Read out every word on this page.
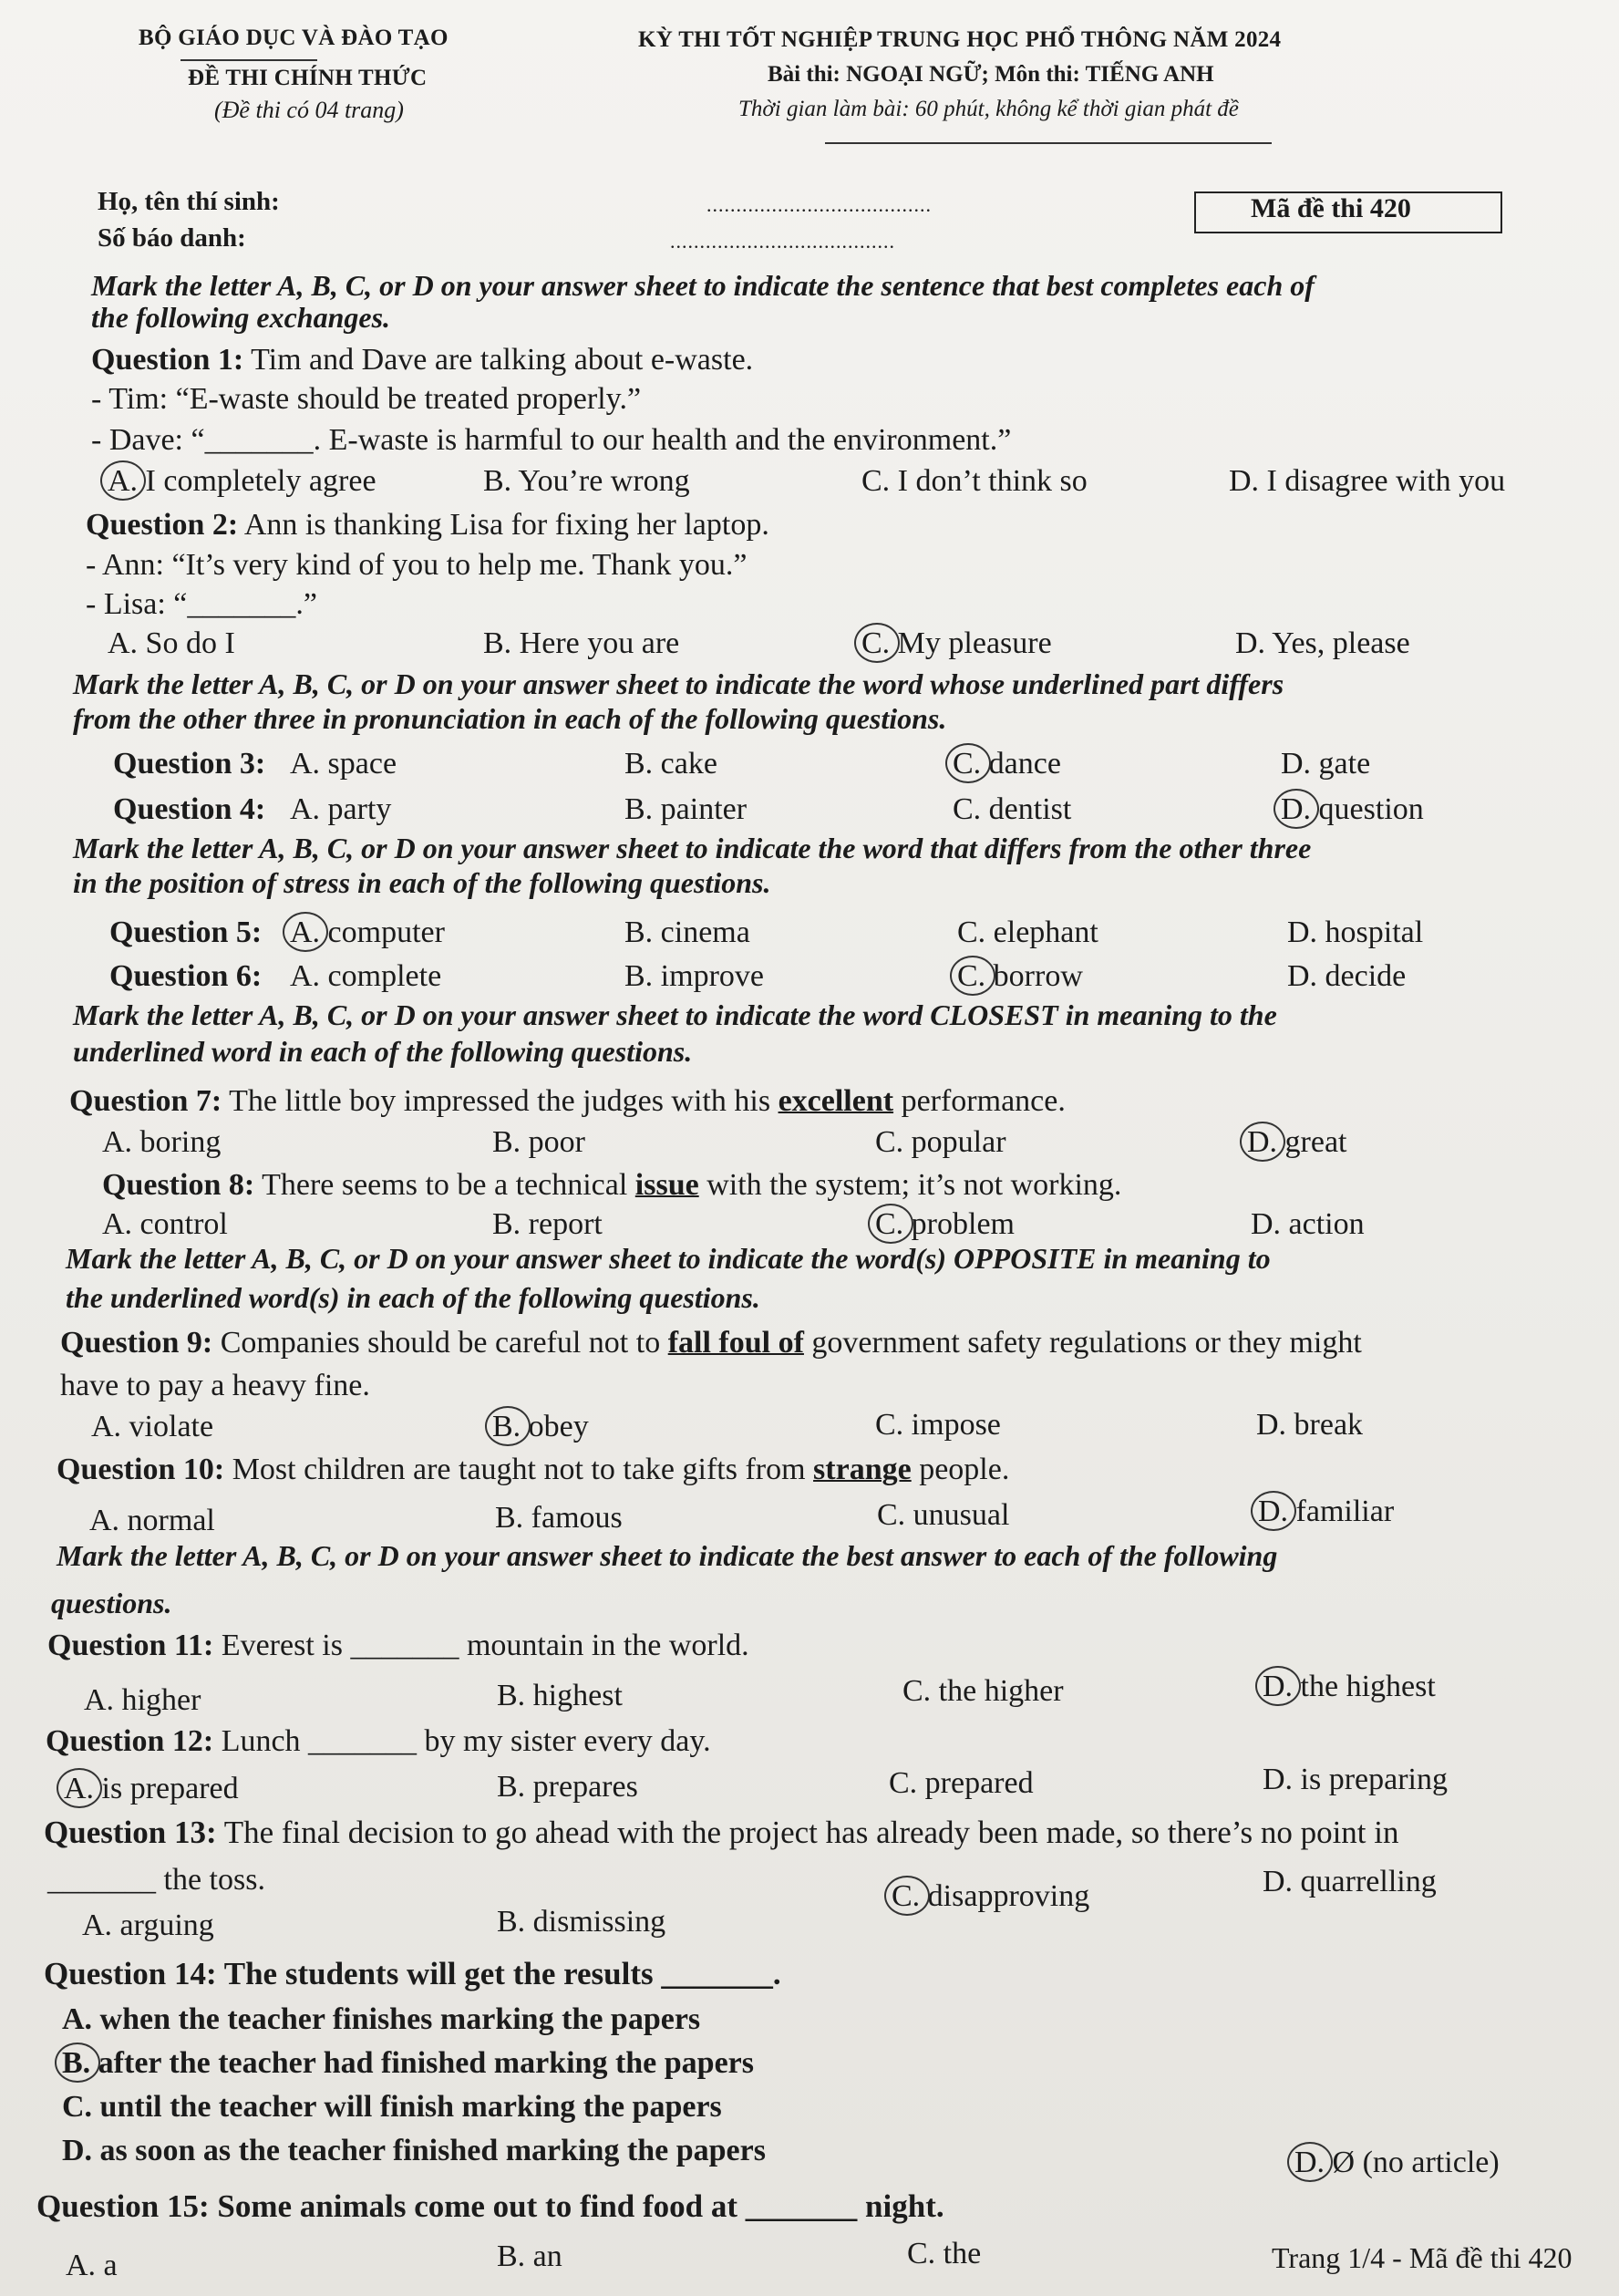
BỘ GIÁO DỤC VÀ ĐÀO TẠO
ĐỀ THI CHÍNH THỨC
(Đề thi có 04 trang)
KỲ THI TỐT NGHIỆP TRUNG HỌC PHỔ THÔNG NĂM 2024
Bài thi: NGOẠI NGỮ; Môn thi: TIẾNG ANH
Thời gian làm bài: 60 phút, không kể thời gian phát đề
Họ, tên thí sinh:	......................................
Số báo danh:	......................................
Mã đề thi 420
Mark the letter A, B, C, or D on your answer sheet to indicate the sentence that best completes each of
the following exchanges.
Question 1: Tim and Dave are talking about e-waste.
- Tim: “E-waste should be treated properly.”
- Dave: “_______. E-waste is harmful to our health and the environment.”
A. I completely agree	B. You’re wrong	C. I don’t think so	D. I disagree with you
Question 2: Ann is thanking Lisa for fixing her laptop.
- Ann: “It’s very kind of you to help me. Thank you.”
- Lisa: “_______.”
A. So do I	B. Here you are	C. My pleasure	D. Yes, please
Mark the letter A, B, C, or D on your answer sheet to indicate the word whose underlined part differs
from the other three in pronunciation in each of the following questions.
Question 3: A. space	B. cake	C. dance	D. gate
Question 4: A. party	B. painter	C. dentist	D. question
Mark the letter A, B, C, or D on your answer sheet to indicate the word that differs from the other three
in the position of stress in each of the following questions.
Question 5: A. computer	B. cinema	C. elephant	D. hospital
Question 6: A. complete	B. improve	C. borrow	D. decide
Mark the letter A, B, C, or D on your answer sheet to indicate the word CLOSEST in meaning to the
underlined word in each of the following questions.
Question 7: The little boy impressed the judges with his excellent performance.
A. boring	B. poor	C. popular	D. great
Question 8: There seems to be a technical issue with the system; it’s not working.
A. control	B. report	C. problem	D. action
Mark the letter A, B, C, or D on your answer sheet to indicate the word(s) OPPOSITE in meaning to
the underlined word(s) in each of the following questions.
Question 9: Companies should be careful not to fall foul of government safety regulations or they might
have to pay a heavy fine.
A. violate	B. obey	C. impose	D. break
Question 10: Most children are taught not to take gifts from strange people.
A. normal	B. famous	C. unusual	D. familiar
Mark the letter A, B, C, or D on your answer sheet to indicate the best answer to each of the following
questions.
Question 11: Everest is _______ mountain in the world.
A. higher	B. highest	C. the higher	D. the highest
Question 12: Lunch _______ by my sister every day.
A. is prepared	B. prepares	C. prepared	D. is preparing
Question 13: The final decision to go ahead with the project has already been made, so there’s no point in
_______ the toss.
A. arguing	B. dismissing
C. disapproving	D. quarrelling
Question 14: The students will get the results _______.
A. when the teacher finishes marking the papers
B. after the teacher had finished marking the papers
C. until the teacher will finish marking the papers
D. as soon as the teacher finished marking the papers
Question 15: Some animals come out to find food at _______ night.
A. a	B. an	C. the
D. Ø (no article)
Trang 1/4 - Mã đề thi 420
